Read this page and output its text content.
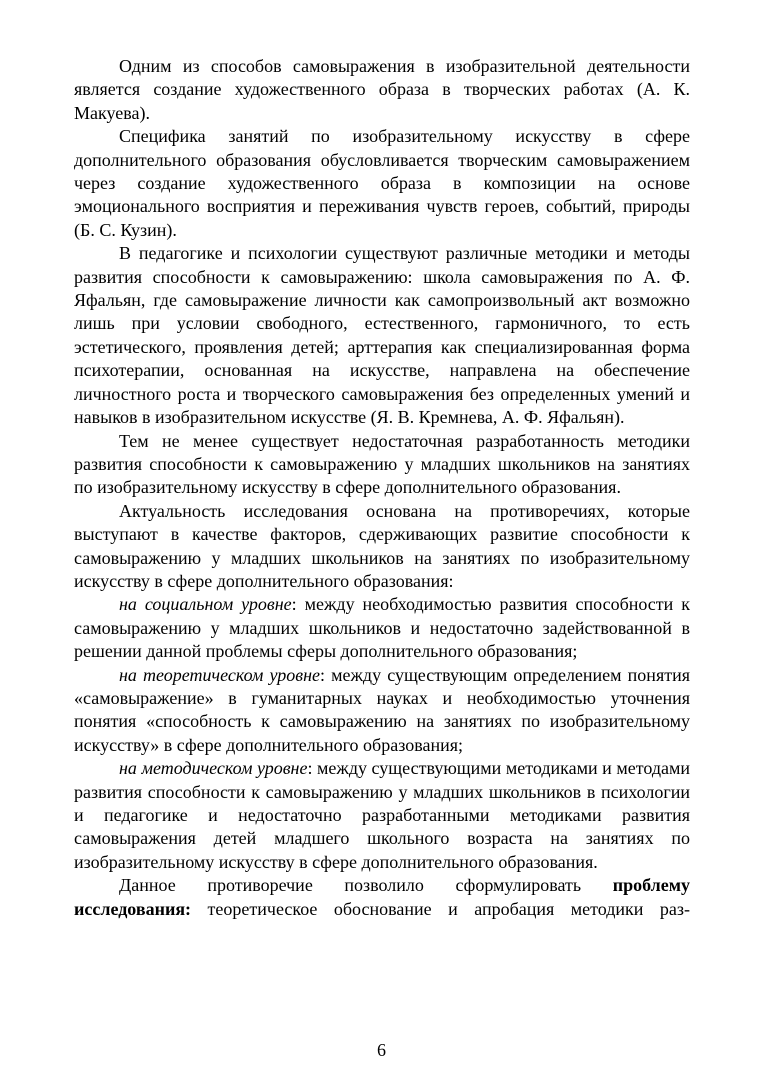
Одним из способов самовыражения в изобразительной деятельности является создание художественного образа в творческих работах (А. К. Макуева).

Специфика занятий по изобразительному искусству в сфере дополнительного образования обусловливается творческим самовыражением через создание художественного образа в композиции на основе эмоционального восприятия и переживания чувств героев, событий, природы (Б. С. Кузин).

В педагогике и психологии существуют различные методики и методы развития способности к самовыражению: школа самовыражения по А. Ф. Яфальян, где самовыражение личности как самопроизвольный акт возможно лишь при условии свободного, естественного, гармоничного, то есть эстетического, проявления детей; арттерапия как специализированная форма психотерапии, основанная на искусстве, направлена на обеспечение личностного роста и творческого самовыражения без определенных умений и навыков в изобразительном искусстве (Я. В. Кремнева, А. Ф. Яфальян).

Тем не менее существует недостаточная разработанность методики развития способности к самовыражению у младших школьников на занятиях по изобразительному искусству в сфере дополнительного образования.

Актуальность исследования основана на противоречиях, которые выступают в качестве факторов, сдерживающих развитие способности к самовыражению у младших школьников на занятиях по изобразительному искусству в сфере дополнительного образования:

на социальном уровне: между необходимостью развития способности к самовыражению у младших школьников и недостаточно задействованной в решении данной проблемы сферы дополнительного образования;

на теоретическом уровне: между существующим определением понятия «самовыражение» в гуманитарных науках и необходимостью уточнения понятия «способность к самовыражению на занятиях по изобразительному искусству» в сфере дополнительного образования;

на методическом уровне: между существующими методиками и методами развития способности к самовыражению у младших школьников в психологии и педагогике и недостаточно разработанными методиками развития самовыражения детей младшего школьного возраста на занятиях по изобразительному искусству в сфере дополнительного образования.

Данное противоречие позволило сформулировать проблему исследования: теоретическое обоснование и апробация методики раз-

6
